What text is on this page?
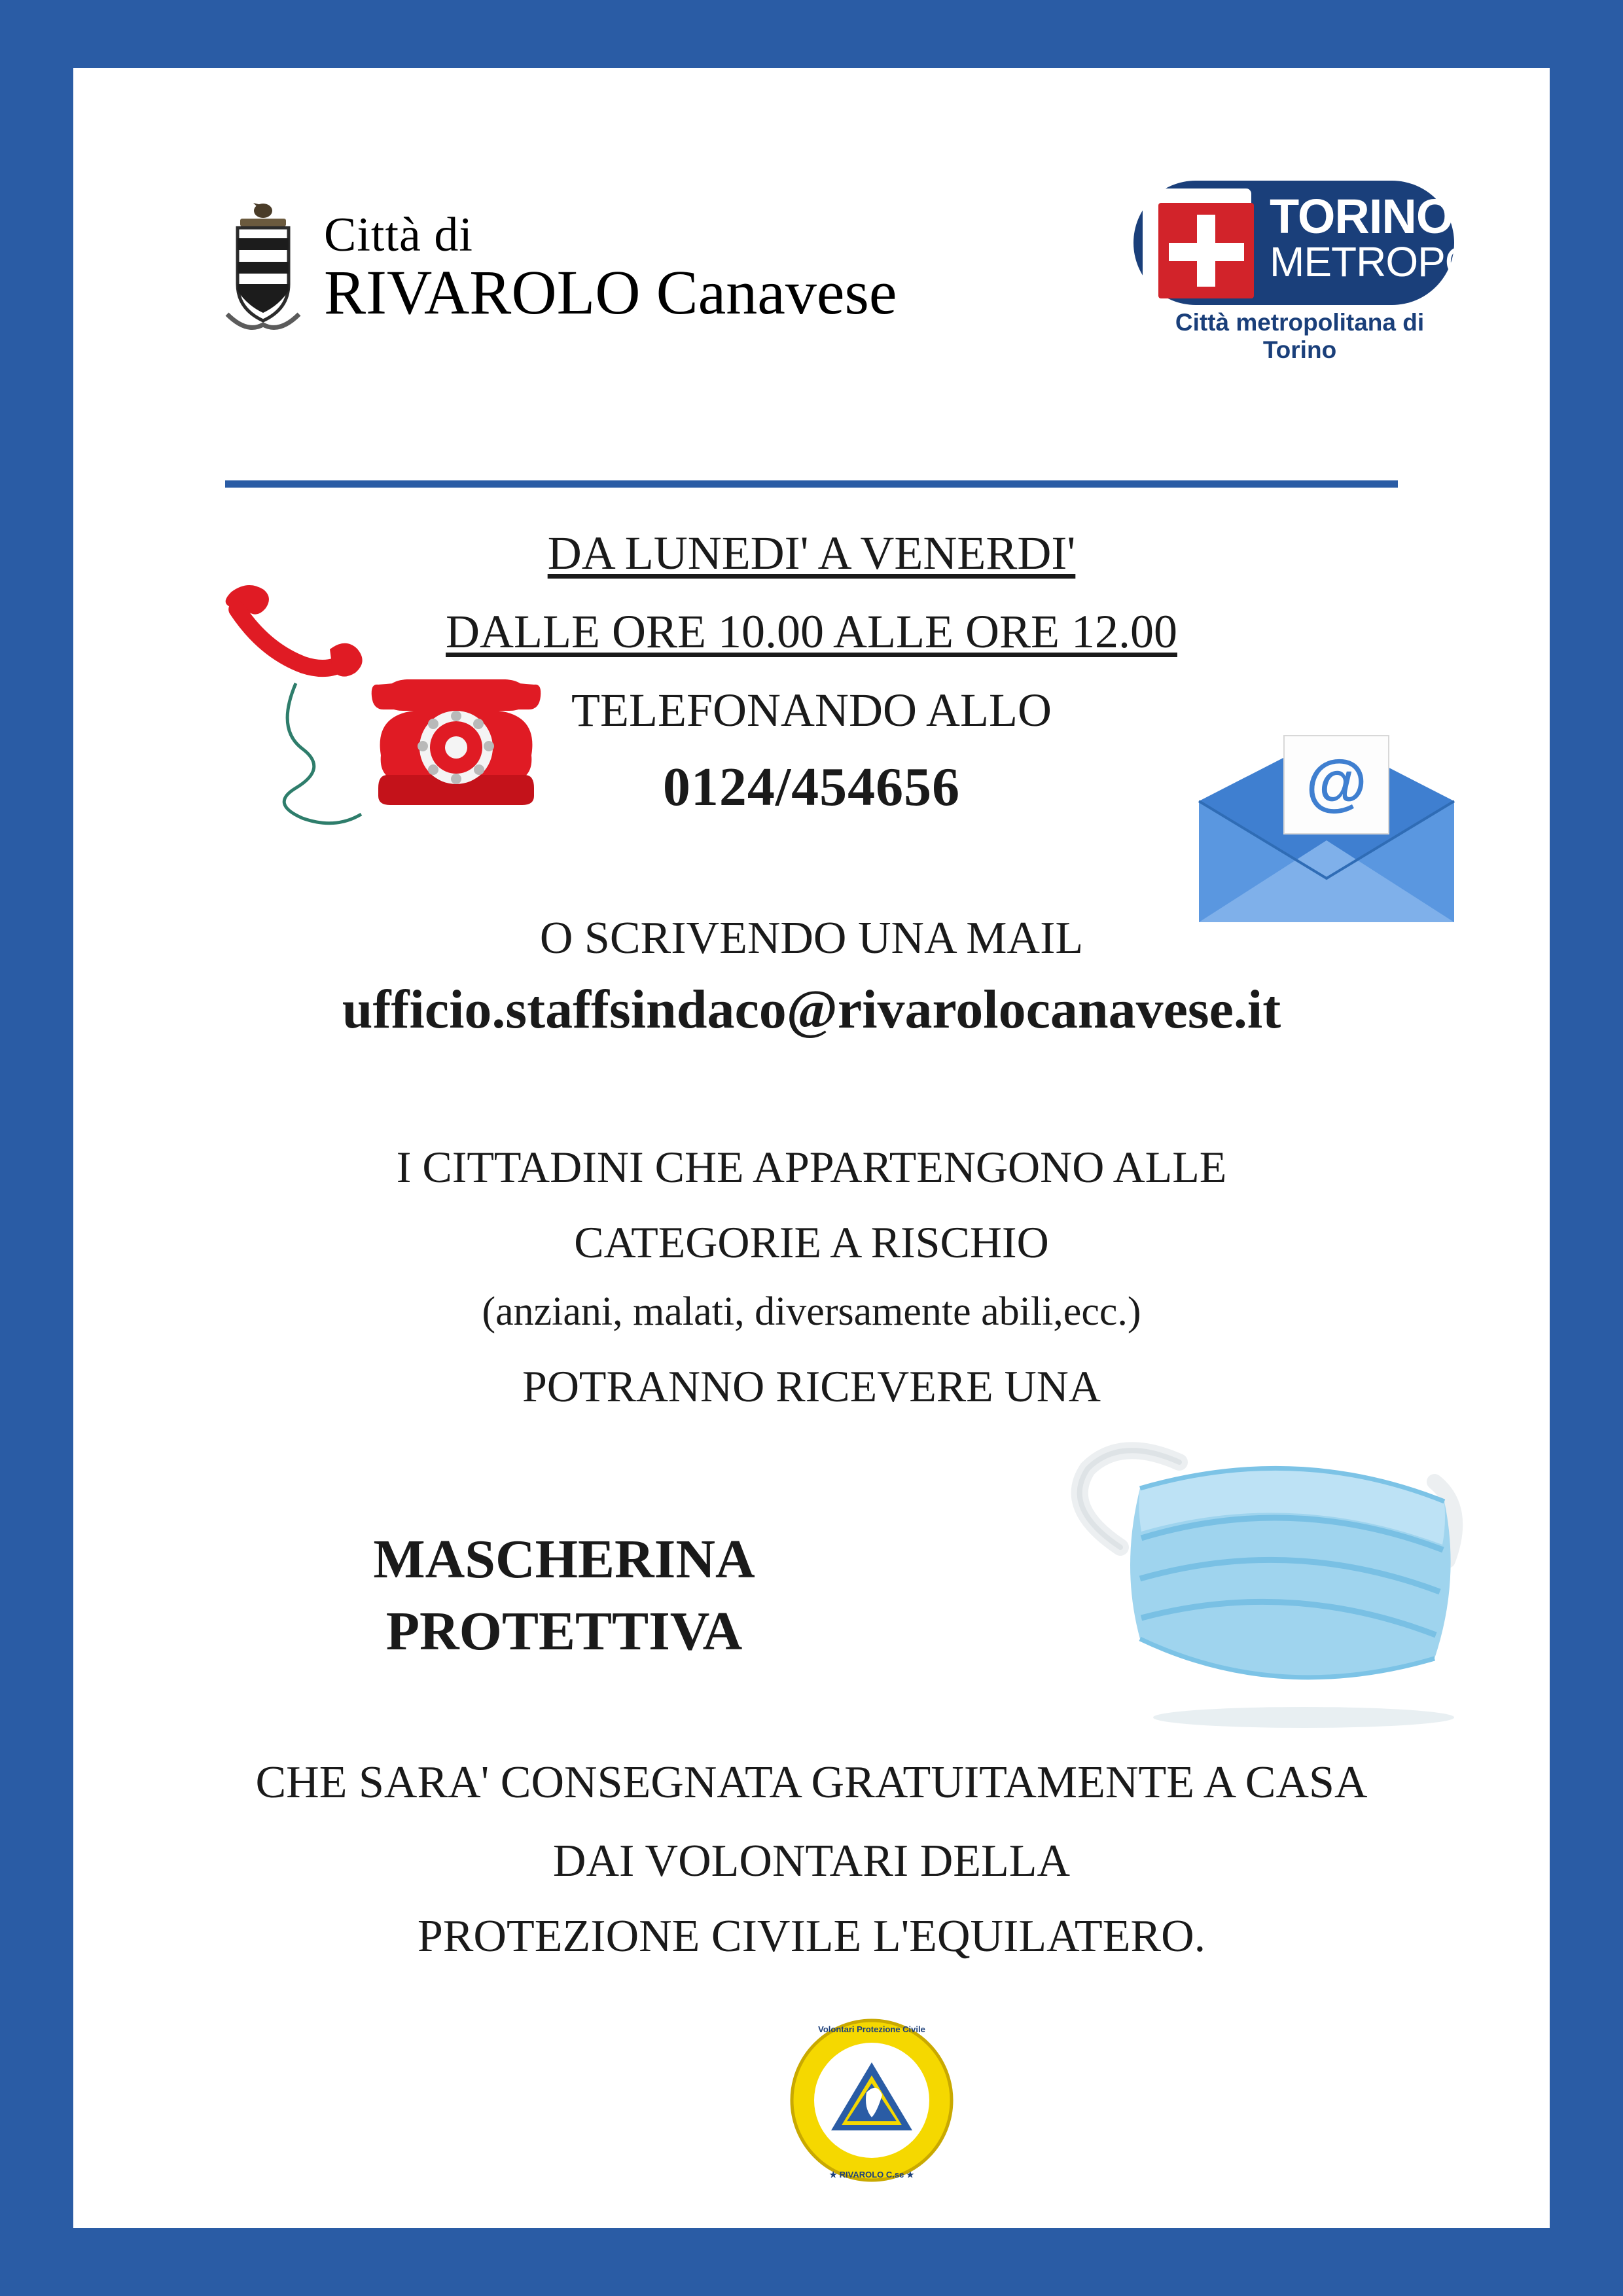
Città di
RIVAROLO Canavese
TORINO
METROPOLI
Città metropolitana di Torino
@
Volontari Protezione Civile
★ RIVAROLO C.se ★
DA LUNEDI' A VENERDI'
DALLE ORE 10.00 ALLE ORE 12.00
TELEFONANDO ALLO
0124/454656
O SCRIVENDO UNA MAIL
ufficio.staffsindaco@rivarolocanavese.it
I CITTADINI CHE APPARTENGONO ALLE
CATEGORIE A RISCHIO
(anziani, malati, diversamente abili,ecc.)
POTRANNO RICEVERE UNA
MASCHERINA
PROTETTIVA
CHE SARA' CONSEGNATA GRATUITAMENTE A CASA
DAI VOLONTARI DELLA
PROTEZIONE CIVILE L'EQUILATERO.
